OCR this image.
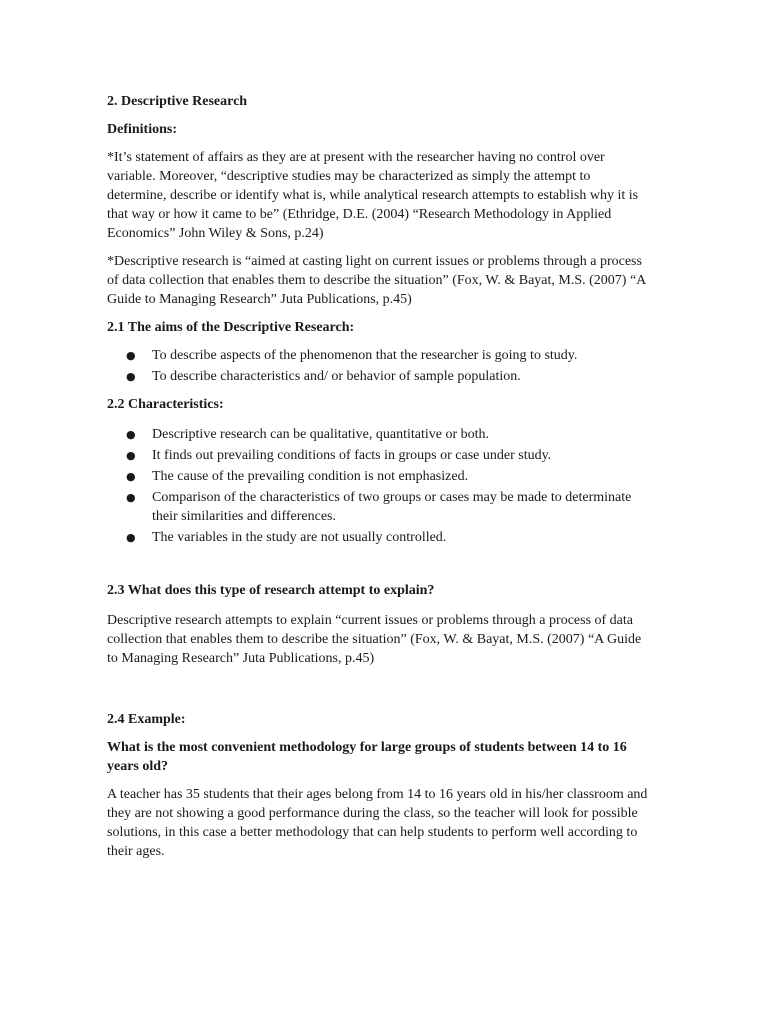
2. Descriptive Research

Definitions:

*It’s statement of affairs as they are at present with the researcher having no control over variable. Moreover, “descriptive studies may be characterized as simply the attempt to determine, describe or identify what is, while analytical research attempts to establish why it is that way or how it came to be” (Ethridge, D.E. (2004) “Research Methodology in Applied Economics” John Wiley & Sons, p.24)

*Descriptive research is “aimed at casting light on current issues or problems through a process of data collection that enables them to describe the situation” (Fox, W. & Bayat, M.S. (2007) “A Guide to Managing Research” Juta Publications, p.45)

2.1 The aims of the Descriptive Research:

● To describe aspects of the phenomenon that the researcher is going to study.
● To describe characteristics and/ or behavior of sample population.

2.2 Characteristics:

● Descriptive research can be qualitative, quantitative or both.
● It finds out prevailing conditions of facts in groups or case under study.
● The cause of the prevailing condition is not emphasized.
● Comparison of the characteristics of two groups or cases may be made to determinate their similarities and differences.
● The variables in the study are not usually controlled.

2.3 What does this type of research attempt to explain?

Descriptive research attempts to explain “current issues or problems through a process of data collection that enables them to describe the situation” (Fox, W. & Bayat, M.S. (2007) “A Guide to Managing Research” Juta Publications, p.45)

2.4 Example:

What is the most convenient methodology for large groups of students between 14 to 16 years old?

A teacher has 35 students that their ages belong from 14 to 16 years old in his/her classroom and they are not showing a good performance during the class, so the teacher will look for possible solutions, in this case a better methodology that can help students to perform well according to their ages.
